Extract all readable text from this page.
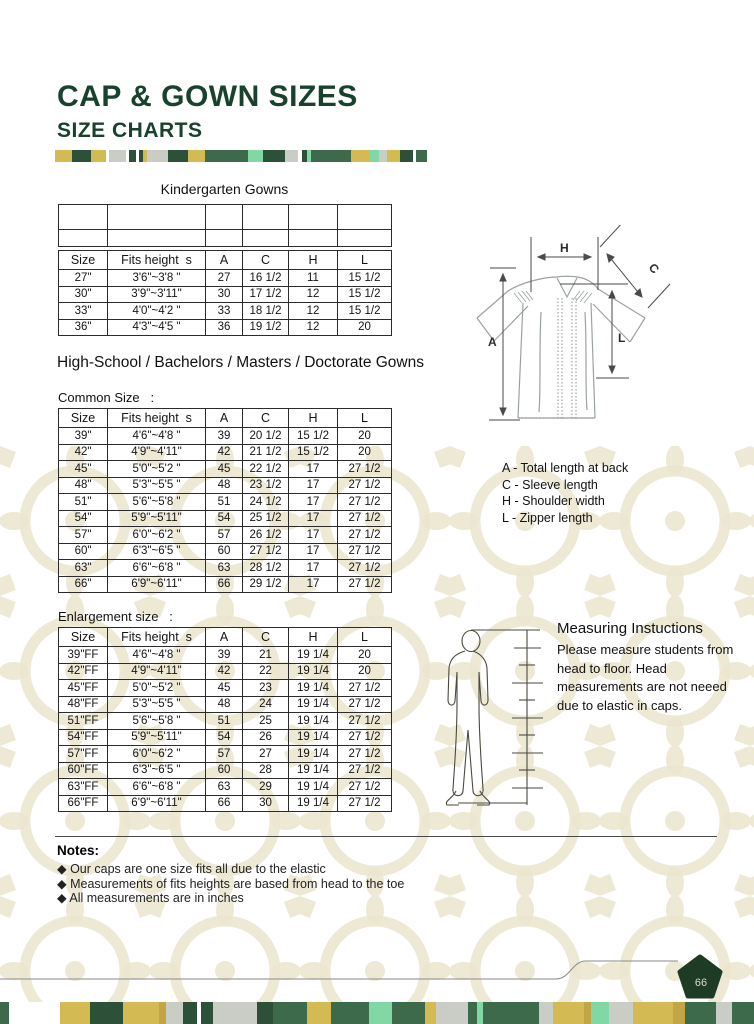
CAP & GOWN SIZES
SIZE CHARTS
Kindergarten Gowns

Size	Fits height  s	A	C	H	L
27"	3'6"~3'8 "	27	16 1/2	11	15 1/2
30"	3'9"~3'11"	30	17 1/2	12	15 1/2
33"	4'0"~4'2 "	33	18 1/2	12	15 1/2
36"	4'3"~4'5 "	36	19 1/2	12	20
H
C
A	L
A - Total length at back
C - Sleeve length
H - Shoulder width
L - Zipper length
High-School / Bachelors / Masters / Doctorate Gowns
Common Size :
Size	Fits height  s	A	C	H	L
39"	4'6"~4'8 "	39	20 1/2	15 1/2	20
42"	4'9"~4'11"	42	21 1/2	15 1/2	20
45"	5'0"~5'2 "	45	22 1/2	17	27 1/2
48"	5'3"~5'5 "	48	23 1/2	17	27 1/2
51"	5'6"~5'8 "	51	24 1/2	17	27 1/2
54"	5'9"~5'11"	54	25 1/2	17	27 1/2
57"	6'0"~6'2 "	57	26 1/2	17	27 1/2
60"	6'3"~6'5 "	60	27 1/2	17	27 1/2
63"	6'6"~6'8 "	63	28 1/2	17	27 1/2
66"	6'9"~6'11"	66	29 1/2	17	27 1/2
Enlargement size :
Size	Fits height  s	A	C	H	L
39"FF	4'6"~4'8 "	39	21	19 1/4	20
42"FF	4'9"~4'11"	42	22	19 1/4	20
45"FF	5'0"~5'2 "	45	23	19 1/4	27 1/2
48"FF	5'3"~5'5 "	48	24	19 1/4	27 1/2
51"FF	5'6"~5'8 "	51	25	19 1/4	27 1/2
54"FF	5'9"~5'11"	54	26	19 1/4	27 1/2
57"FF	6'0"~6'2 "	57	27	19 1/4	27 1/2
60"FF	6'3"~6'5 "	60	28	19 1/4	27 1/2
63"FF	6'6"~6'8 "	63	29	19 1/4	27 1/2
66"FF	6'9"~6'11"	66	30	19 1/4	27 1/2
Measuring Instuctions
Please measure students from head to floor. Head measurements are not neeed due to elastic in caps.
Notes:
◆ Our caps are one size fits all due to the elastic
◆ Measurements of fits heights are based from head to the toe
◆ All measurements are in inches
66
